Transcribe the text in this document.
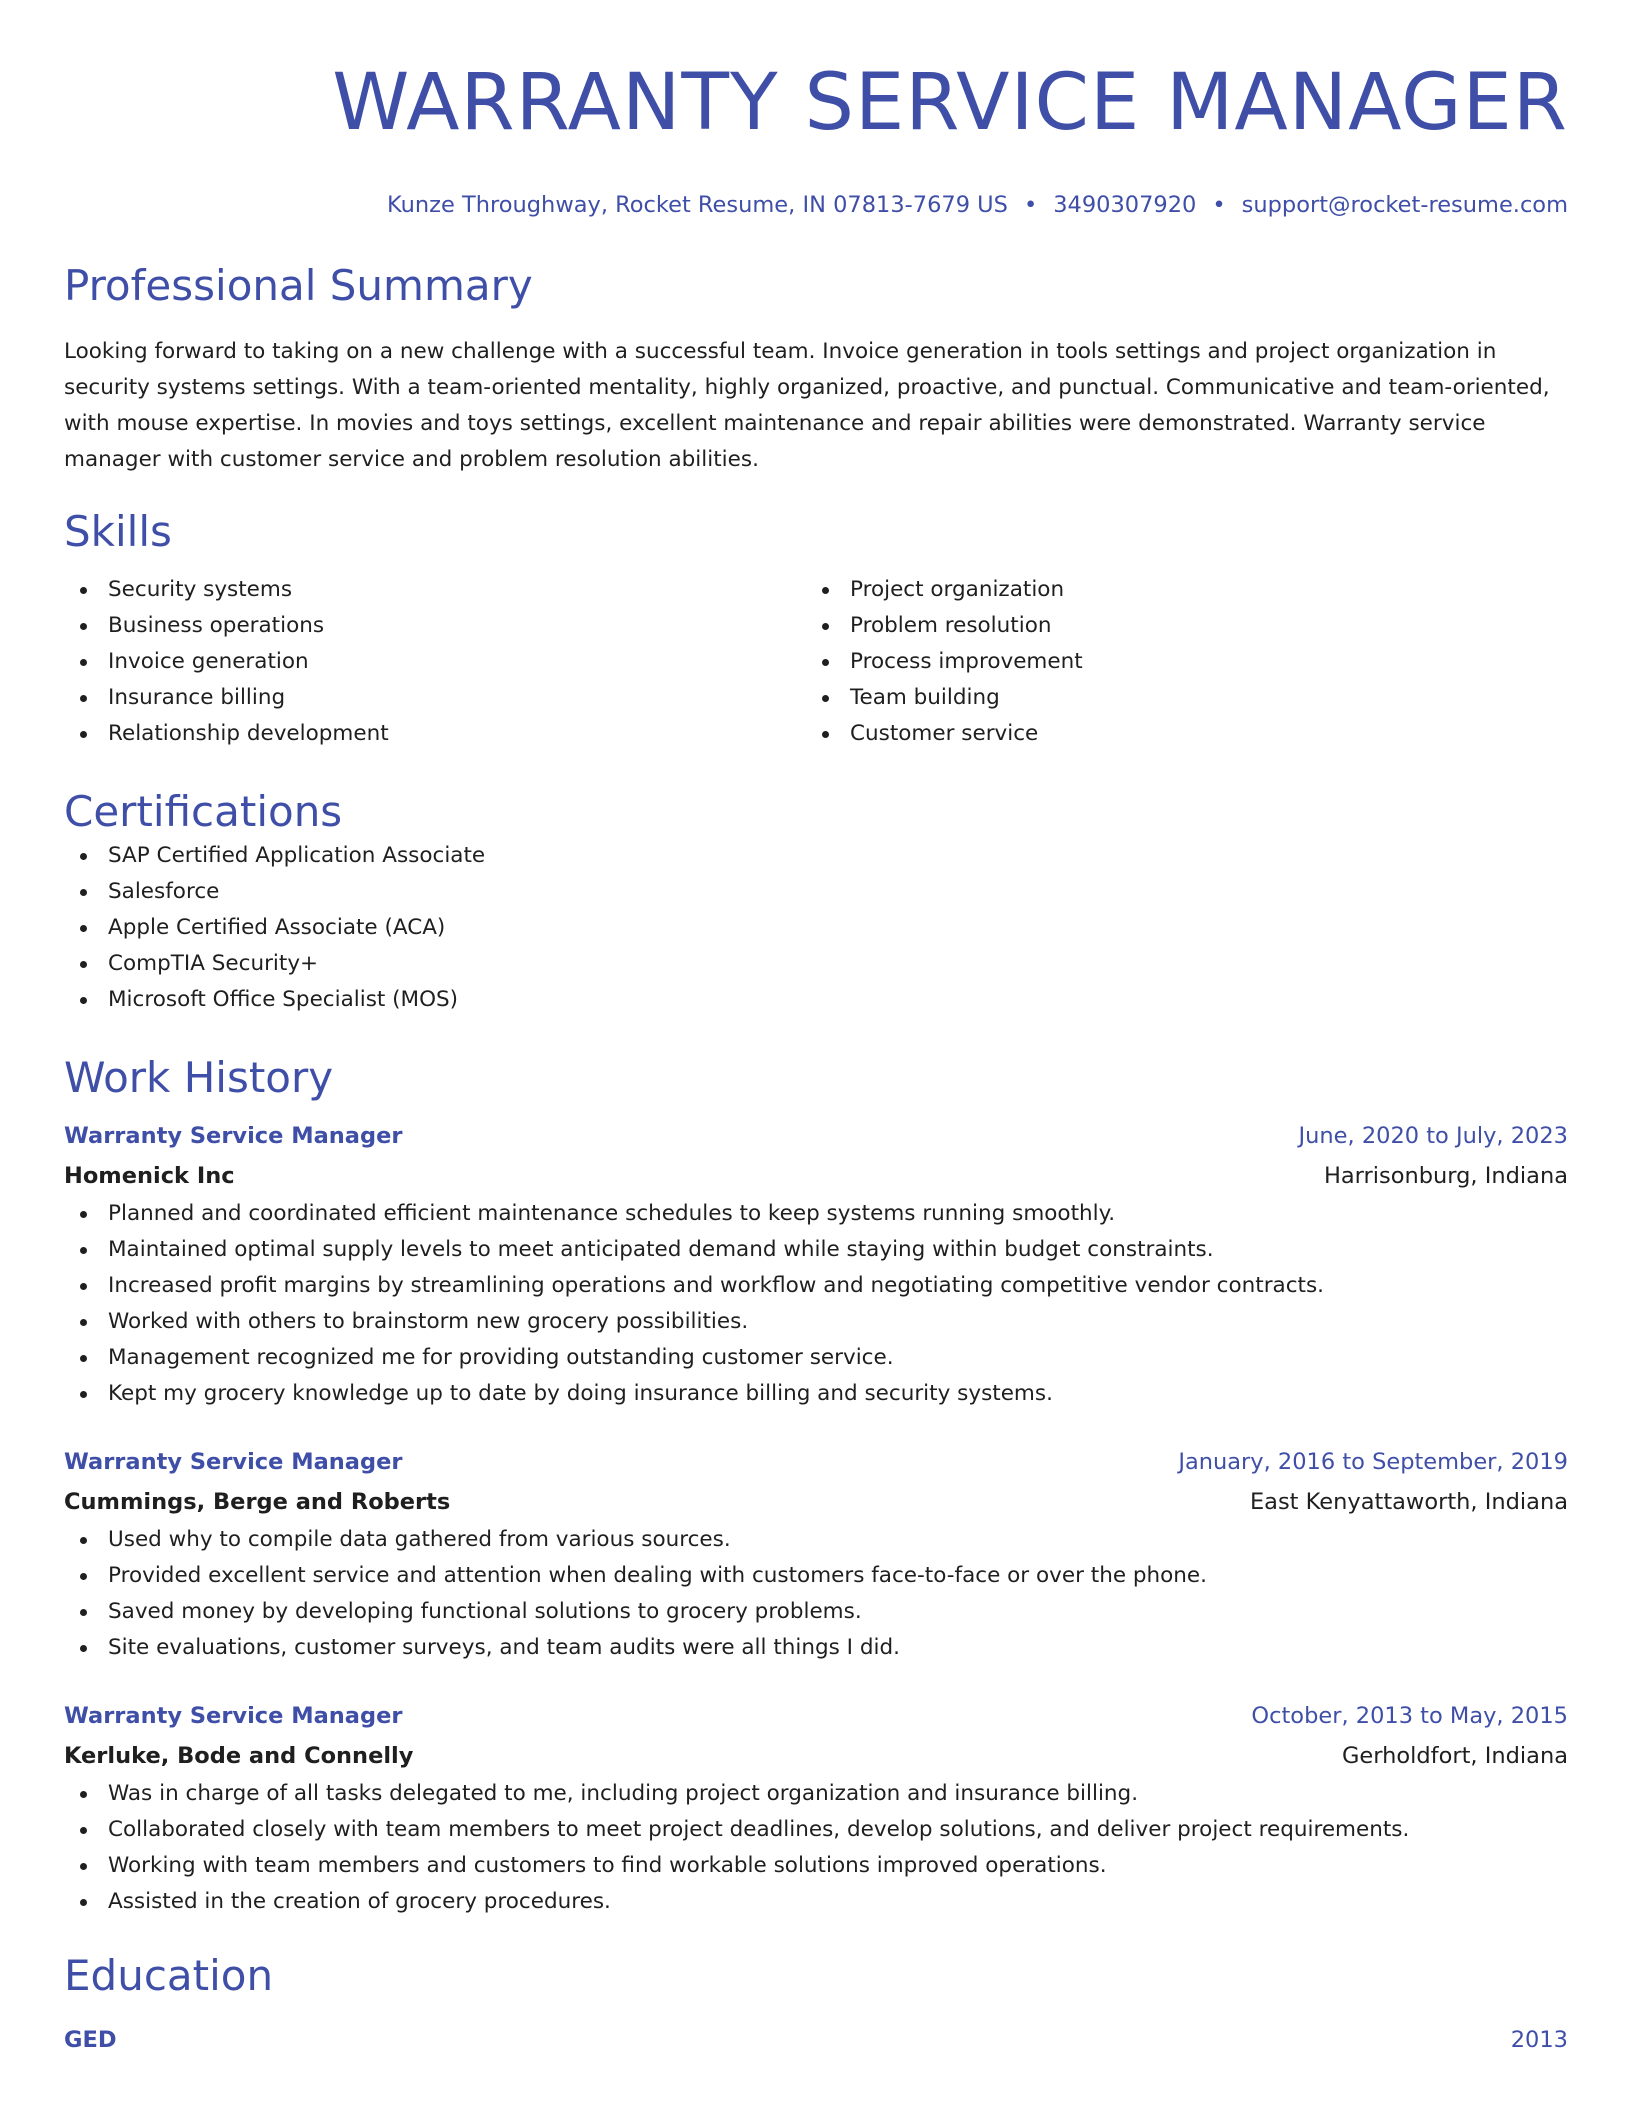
WARRANTY SERVICE MANAGER
Kunze Throughway, Rocket Resume, IN 07813-7679 US • 3490307920 • support@rocket-resume.com
Professional Summary

Looking forward to taking on a new challenge with a successful team. Invoice generation in tools settings and project organization in security systems settings. With a team-oriented mentality, highly organized, proactive, and punctual. Communicative and team-oriented, with mouse expertise. In movies and toys settings, excellent maintenance and repair abilities were demonstrated. Warranty service manager with customer service and problem resolution abilities.

Skills
Security systems
Business operations
Invoice generation
Insurance billing
Relationship development
Project organization
Problem resolution
Process improvement
Team building
Customer service
Certifications
SAP Certified Application Associate
Salesforce
Apple Certified Associate (ACA)
CompTIA Security+
Microsoft Office Specialist (MOS)
Work History
Warranty Service Manager	June, 2020 to July, 2023
Homenick Inc	Harrisonburg, Indiana
Planned and coordinated efficient maintenance schedules to keep systems running smoothly.
Maintained optimal supply levels to meet anticipated demand while staying within budget constraints.
Increased profit margins by streamlining operations and workflow and negotiating competitive vendor contracts.
Worked with others to brainstorm new grocery possibilities.
Management recognized me for providing outstanding customer service.
Kept my grocery knowledge up to date by doing insurance billing and security systems.
Warranty Service Manager	January, 2016 to September, 2019
Cummings, Berge and Roberts	East Kenyattaworth, Indiana
Used why to compile data gathered from various sources.
Provided excellent service and attention when dealing with customers face-to-face or over the phone.
Saved money by developing functional solutions to grocery problems.
Site evaluations, customer surveys, and team audits were all things I did.
Warranty Service Manager	October, 2013 to May, 2015
Kerluke, Bode and Connelly	Gerholdfort, Indiana
Was in charge of all tasks delegated to me, including project organization and insurance billing.
Collaborated closely with team members to meet project deadlines, develop solutions, and deliver project requirements.
Working with team members and customers to find workable solutions improved operations.
Assisted in the creation of grocery procedures.
Education
GED	2013
